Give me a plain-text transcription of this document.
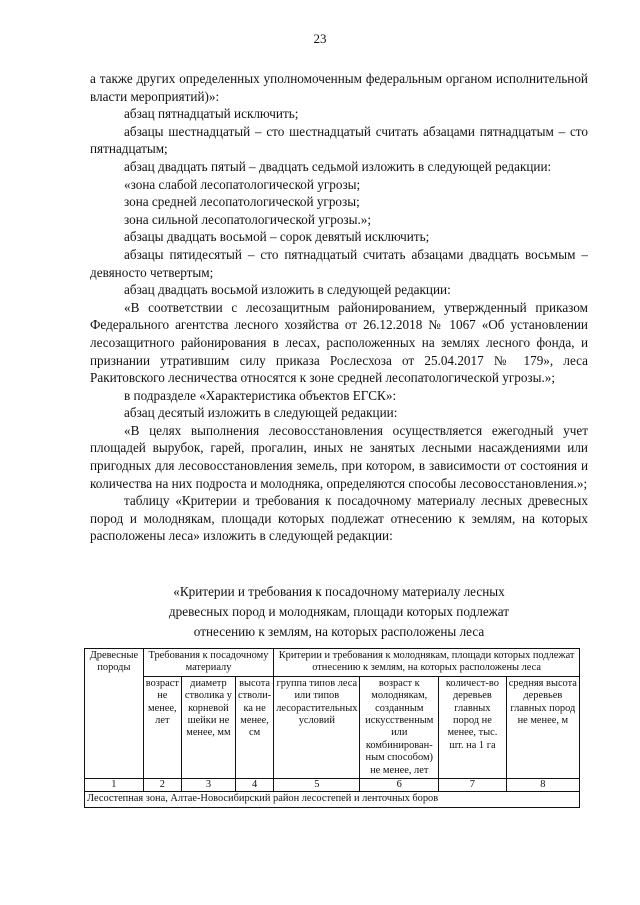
23

а также других определенных уполномоченным федеральным органом исполнительной власти мероприятий)»:

абзац пятнадцатый исключить;

абзацы шестнадцатый – сто шестнадцатый считать абзацами пятнадцатым – сто пятнадцатым;

абзац двадцать пятый – двадцать седьмой изложить в следующей редакции:

«зона слабой лесопатологической угрозы;

зона средней лесопатологической угрозы;

зона сильной лесопатологической угрозы.»;

абзацы двадцать восьмой – сорок девятый исключить;

абзацы пятидесятый – сто пятнадцатый считать абзацами двадцать восьмым – девяносто четвертым;

абзац двадцать восьмой изложить в следующей редакции:

«В соответствии с лесозащитным районированием, утвержденный приказом Федерального агентства лесного хозяйства от 26.12.2018 № 1067 «Об установлении лесозащитного районирования в лесах, расположенных на землях лесного фонда, и признании утратившим силу приказа Рослесхоза от 25.04.2017 № 179», леса Ракитовского лесничества относятся к зоне средней лесопатологической угрозы.»;

в подразделе «Характеристика объектов ЕГСК»:

абзац десятый изложить в следующей редакции:

«В целях выполнения лесовосстановления осуществляется ежегодный учет площадей вырубок, гарей, прогалин, иных не занятых лесными насаждениями или пригодных для лесовосстановления земель, при котором, в зависимости от состояния и количества на них подроста и молодняка, определяются способы лесовосстановления.»;

таблицу «Критерии и требования к посадочному материалу лесных древесных пород и молоднякам, площади которых подлежат отнесению к землям, на которых расположены леса» изложить в следующей редакции:

«Критерии и требования к посадочному материалу лесных
древесных пород и молоднякам, площади которых подлежат
отнесению к землям, на которых расположены леса
Древесные породы	Требования к посадочному материалу			Критерии и требования к молоднякам, площади которых подлежат отнесению к землям, на которых расположены леса			
	возраст не менее, лет	диаметр стволика у корневой шейки не менее, мм	высота стволи-ка не менее, см	группа типов леса или типов лесорастительных условий	возраст к молоднякам, созданным искусственным или комбинирован-ным способом) не менее, лет	количест-во деревьев главных пород не менее, тыс. шт. на 1 га	средняя высота деревьев главных пород не менее, м
1	2	3	4	5	6	7	8
Лесостепная зона, Алтае-Новосибирский район лесостепей и ленточных боров							
